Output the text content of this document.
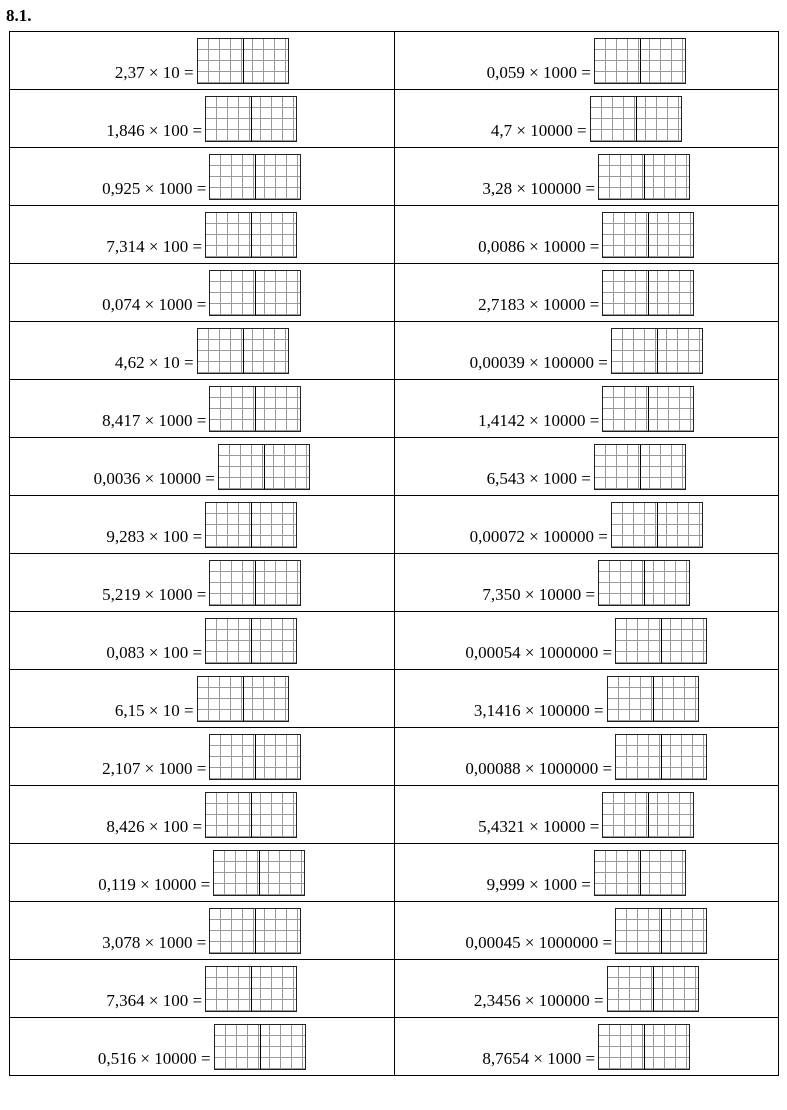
8.1.
2,37 × 10 =	0,059 × 1000 =

1,846 × 100 =	4,7 × 10000 =

0,925 × 1000 =	3,28 × 100000 =

7,314 × 100 =	0,0086 × 10000 =

0,074 × 1000 =	2,7183 × 10000 =

4,62 × 10 =	0,00039 × 100000 =

8,417 × 1000 =	1,4142 × 10000 =

0,0036 × 10000 =	6,543 × 1000 =

9,283 × 100 =	0,00072 × 100000 =

5,219 × 1000 =	7,350 × 10000 =

0,083 × 100 =	0,00054 × 1000000 =

6,15 × 10 =	3,1416 × 100000 =

2,107 × 1000 =	0,00088 × 1000000 =

8,426 × 100 =	5,4321 × 10000 =

0,119 × 10000 =	9,999 × 1000 =

3,078 × 1000 =	0,00045 × 1000000 =

7,364 × 100 =	2,3456 × 100000 =

0,516 × 10000 =	8,7654 × 1000 =
